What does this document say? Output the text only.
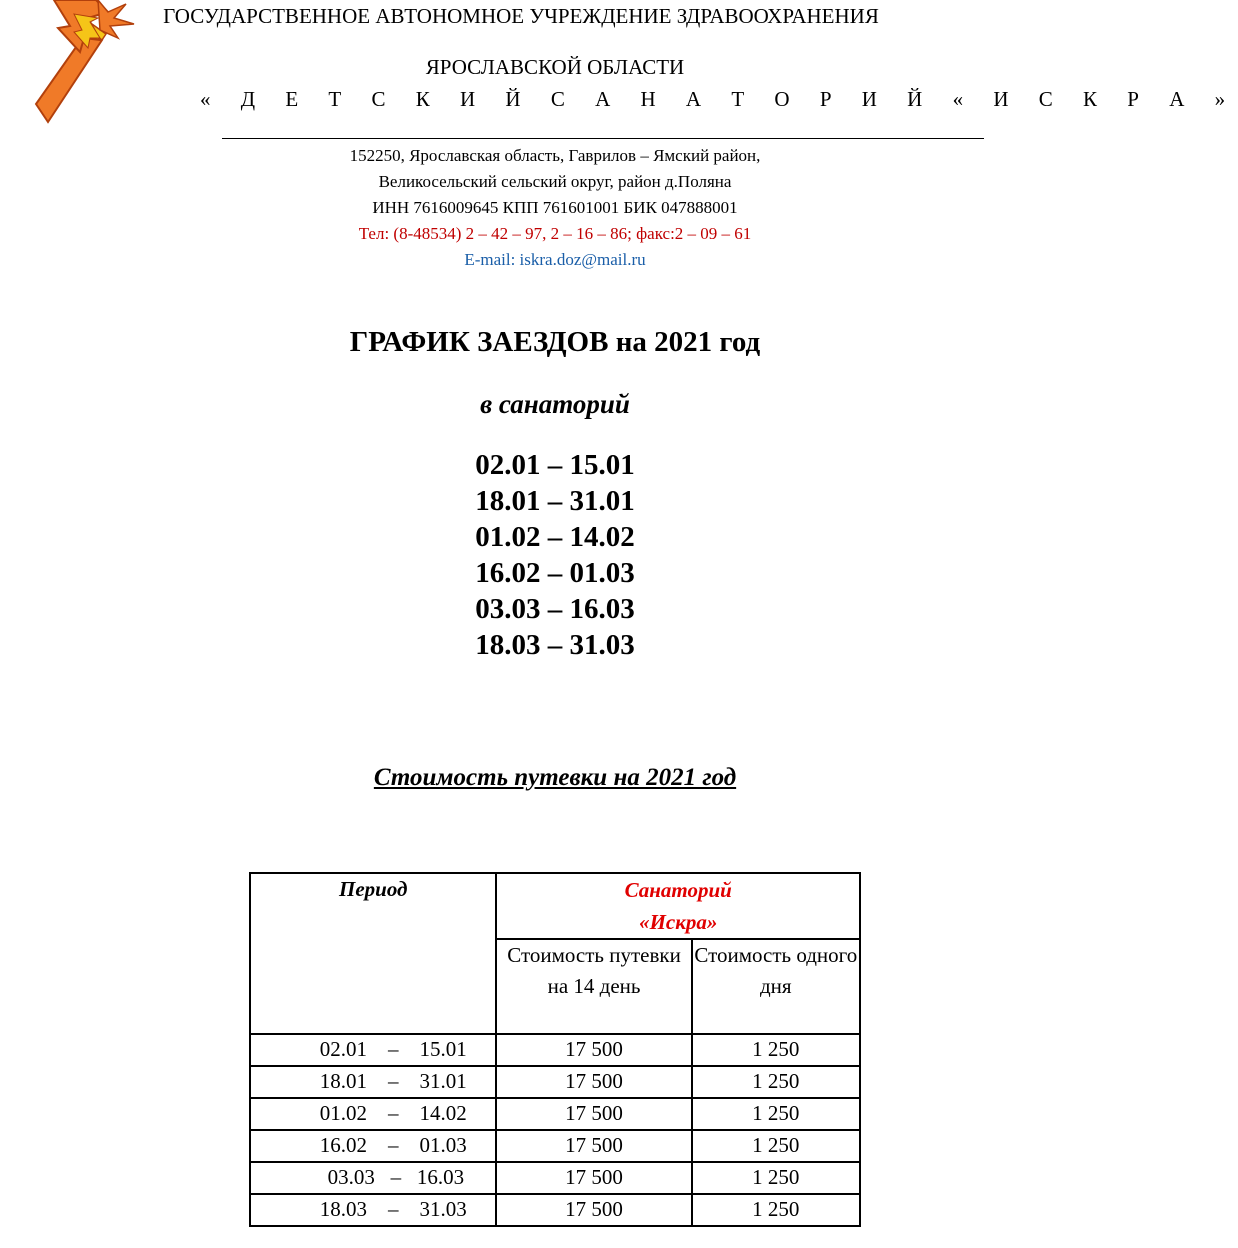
ГОСУДАРСТВЕННОЕ АВТОНОМНОЕ УЧРЕЖДЕНИЕ ЗДРАВООХРАНЕНИЯ
ЯРОСЛАВСКОЙ ОБЛАСТИ
« Д Е Т С К И Й С А Н А Т О Р И Й « И С К Р А »
152250, Ярославская область, Гаврилов – Ямский район,
Великосельский сельский округ, район д.Поляна
ИНН 7616009645 КПП 761601001 БИК 047888001
Тел: (8-48534) 2 – 42 – 97, 2 – 16 – 86; факс:2 – 09 – 61
E-mail: iskra.doz@mail.ru
ГРАФИК ЗАЕЗДОВ на 2021 год
в санаторий
02.01 – 15.01
18.01 – 31.01
01.02 – 14.02
16.02 – 01.03
03.03 – 16.03
18.03 – 31.03
Стоимость путевки на 2021 год
Период	Санаторий
«Искра»	

	Стоимость путевки на 14 день	Стоимость одного дня
02.01    –    15.01	17 500	1 250
18.01    –    31.01	17 500	1 250
01.02    –    14.02	17 500	1 250
16.02    –    01.03	17 500	1 250
03.03   –   16.03	17 500	1 250
18.03    –    31.03	17 500	1 250
